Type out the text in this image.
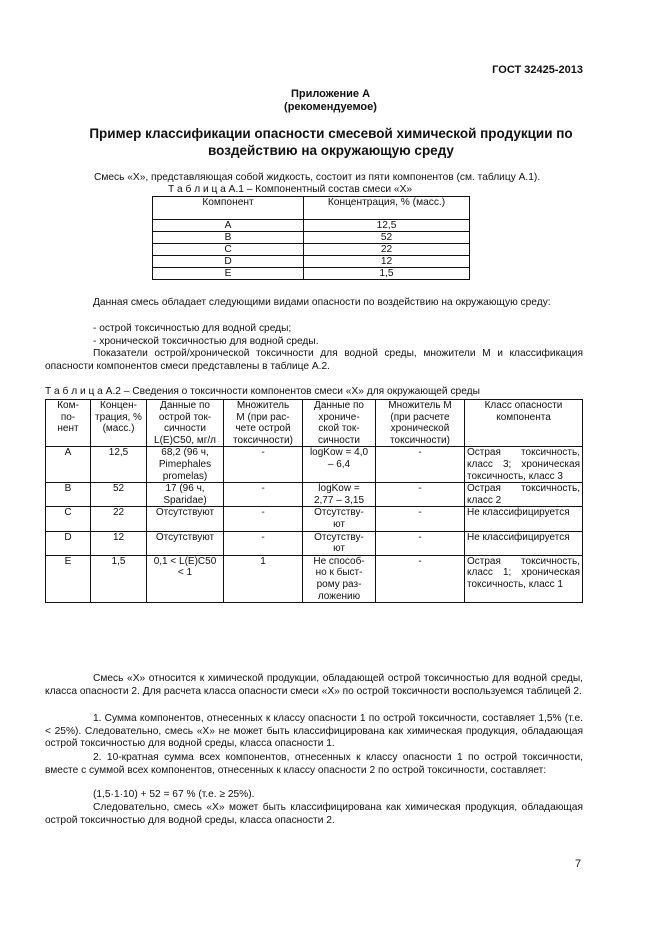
ГОСТ 32425-2013
Приложение А
(рекомендуемое)
Пример классификации опасности смесевой химической продукции по воздействию на окружающую среду
Смесь «X», представляющая собой жидкость, состоит из пяти компонентов (см. таблицу А.1).
Т а б л и ц а А.1 – Компонентный состав смеси «X»
Компонент	Концентрация, % (масс.)
A	12,5
B	52
C	22
D	12
E	1,5
Данная смесь обладает следующими видами опасности по воздействию на окружающую среду:
- острой токсичностью для водной среды;
- хронической токсичностью для водной среды.
Показатели острой/хронической токсичности для водной среды, множители М и классификация опасности компонентов смеси представлены в таблице А.2.
Т а б л и ц а А.2 – Сведения о токсичности компонентов смеси «X» для окружающей среды
Ком-
по-
нент	Концен-
трация, %
(масс.)	Данные по
острой ток-
сичности
L(E)C50, мг/л	Множитель
М (при рас-
чете острой
токсичности)	Данные по
хрониче-
ской ток-
сичности	Множитель М
(при расчете
хронической
токсичности)	Класс опасности
компонента

A	12,5	68,2 (96 ч,
Pimephales
promelas)	-	logKow = 4,0
– 6,4	-	Острая токсичность, класс 3; хроническая токсичность, класс 3

B	52	17 (96 ч,
Sparidae)	-	logKow =
2,77 – 3,15	-	Острая токсичность, класс 2

C	22	Отсутствуют	-	Отсутству-
ют	-	Не классифицируется

D	12	Отсутствуют	-	Отсутству-
ют	-	Не классифицируется

E	1,5	0,1 < L(E)C50
< 1	1	Не способ-
но к быст-
рому раз-
ложению	-	Острая токсичность, класс 1; хроническая токсичность, класс 1
Смесь «X» относится к химической продукции, обладающей острой токсичностью для водной среды, класса опасности 2. Для расчета класса опасности смеси «X» по острой токсичности воспользуемся таблицей 2.
1. Сумма компонентов, отнесенных к классу опасности 1 по острой токсичности, составляет 1,5% (т.е. < 25%). Следовательно, смесь «X» не может быть классифицирована как химическая продукция, обладающая острой токсичностью для водной среды, класса опасности 1.
2. 10-кратная сумма всех компонентов, отнесенных к классу опасности 1 по острой токсичности, вместе с суммой всех компонентов, отнесенных к классу опасности 2 по острой токсичности, составляет:
(1,5·1·10) + 52 = 67 % (т.е. ≥ 25%).
Следовательно, смесь «X» может быть классифицирована как химическая продукция, обладающая острой токсичностью для водной среды, класса опасности 2.
7
